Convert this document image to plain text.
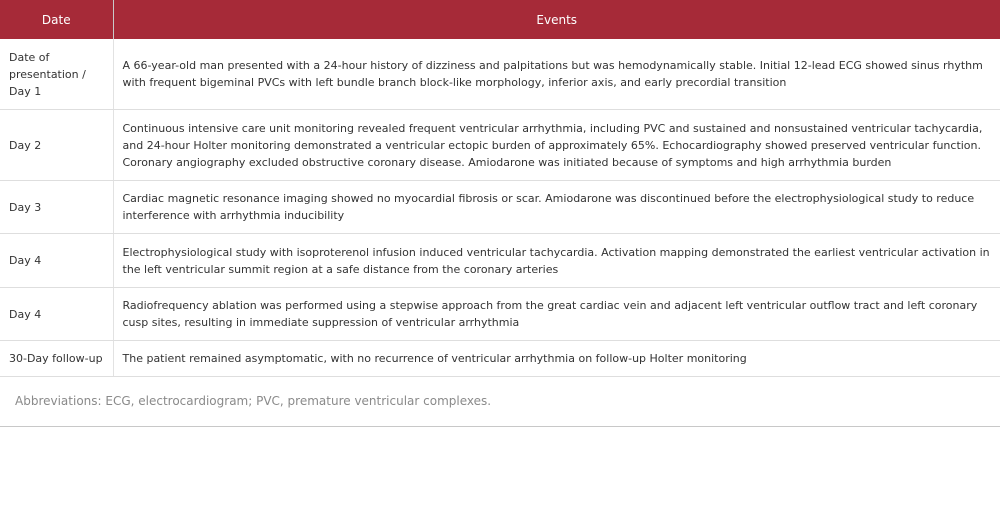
Date	Events
Date of presentation / Day 1	A 66-year-old man presented with a 24-hour history of dizziness and palpitations but was hemodynamically stable. Initial 12-lead ECG showed sinus rhythm with frequent bigeminal PVCs with left bundle branch block-like morphology, inferior axis, and early precordial transition
Day 2	Continuous intensive care unit monitoring revealed frequent ventricular arrhythmia, including PVC and sustained and nonsustained ventricular tachycardia, and 24-hour Holter monitoring demonstrated a ventricular ectopic burden of approximately 65%. Echocardiography showed preserved ventricular function. Coronary angiography excluded obstructive coronary disease. Amiodarone was initiated because of symptoms and high arrhythmia burden
Day 3	Cardiac magnetic resonance imaging showed no myocardial fibrosis or scar. Amiodarone was discontinued before the electrophysiological study to reduce interference with arrhythmia inducibility
Day 4	Electrophysiological study with isoproterenol infusion induced ventricular tachycardia. Activation mapping demonstrated the earliest ventricular activation in the left ventricular summit region at a safe distance from the coronary arteries
Day 4	Radiofrequency ablation was performed using a stepwise approach from the great cardiac vein and adjacent left ventricular outflow tract and left coronary cusp sites, resulting in immediate suppression of ventricular arrhythmia
30-Day follow-up	The patient remained asymptomatic, with no recurrence of ventricular arrhythmia on follow-up Holter monitoring
Abbreviations: ECG, electrocardiogram; PVC, premature ventricular complexes.
